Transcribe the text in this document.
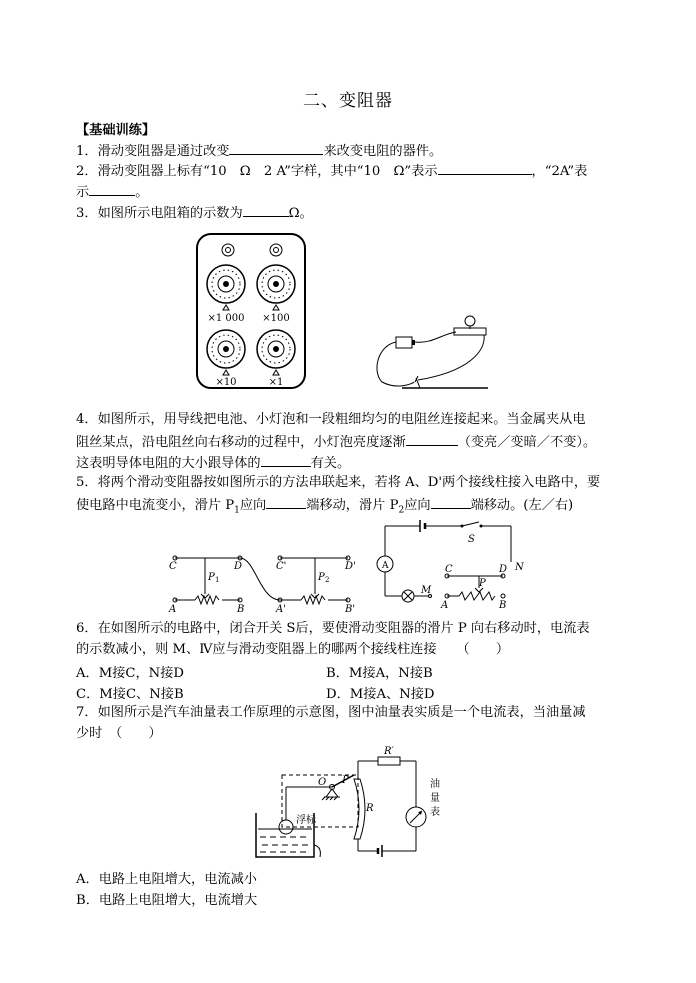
二、变阻器
【基础训练】
1．滑动变阻器是通过改变	来改变电阻的器件。
2．滑动变阻器上标有“10　Ω　2 A”字样，其中“10　Ω”表示	，“2A”表
示	。
3．如图所示电阻箱的示数为	Ω。
×1 000 ×100
×10	×1
4．如图所示，用导线把电池、小灯泡和一段粗细均匀的电阻丝连接起来。当金属夹从电
阻丝某点，沿电阻丝向右移动的过程中，小灯泡亮度逐渐	（变亮／变暗／不变）。
这表明导体电阻的大小跟导体的	有关。
5．将两个滑动变阻器按如图所示的方法串联起来，若将 A、D'两个接线柱接入电路中，要
使电路中电流变小，滑片 $P_1$应向	端移动，滑片 $P_2$应向	端移动。(左／右)
C	D
P 1
A	B
C'	D'
P 2
A'	B'
S
A
M
N
C	D
P
A	B
6．在如图所示的电路中，闭合开关 S后，要使滑动变阻器的滑片 P 向右移动时，电流表
的示数减小，则 M、Ⅳ应与滑动变阻器上的哪两个接线柱连接　　（　　）
A．M接C，N接D	B．M接A，N接B
C．M接C、N接B	D．M接A、N接D
7．如图所示是汽车油量表工作原理的示意图，图中油量表实质是一个电流表，当油量减
少时　（　　）
R′
R
O P
浮标
油量表
A．电路上电阻增大，电流减小
B．电路上电阻增大，电流增大
